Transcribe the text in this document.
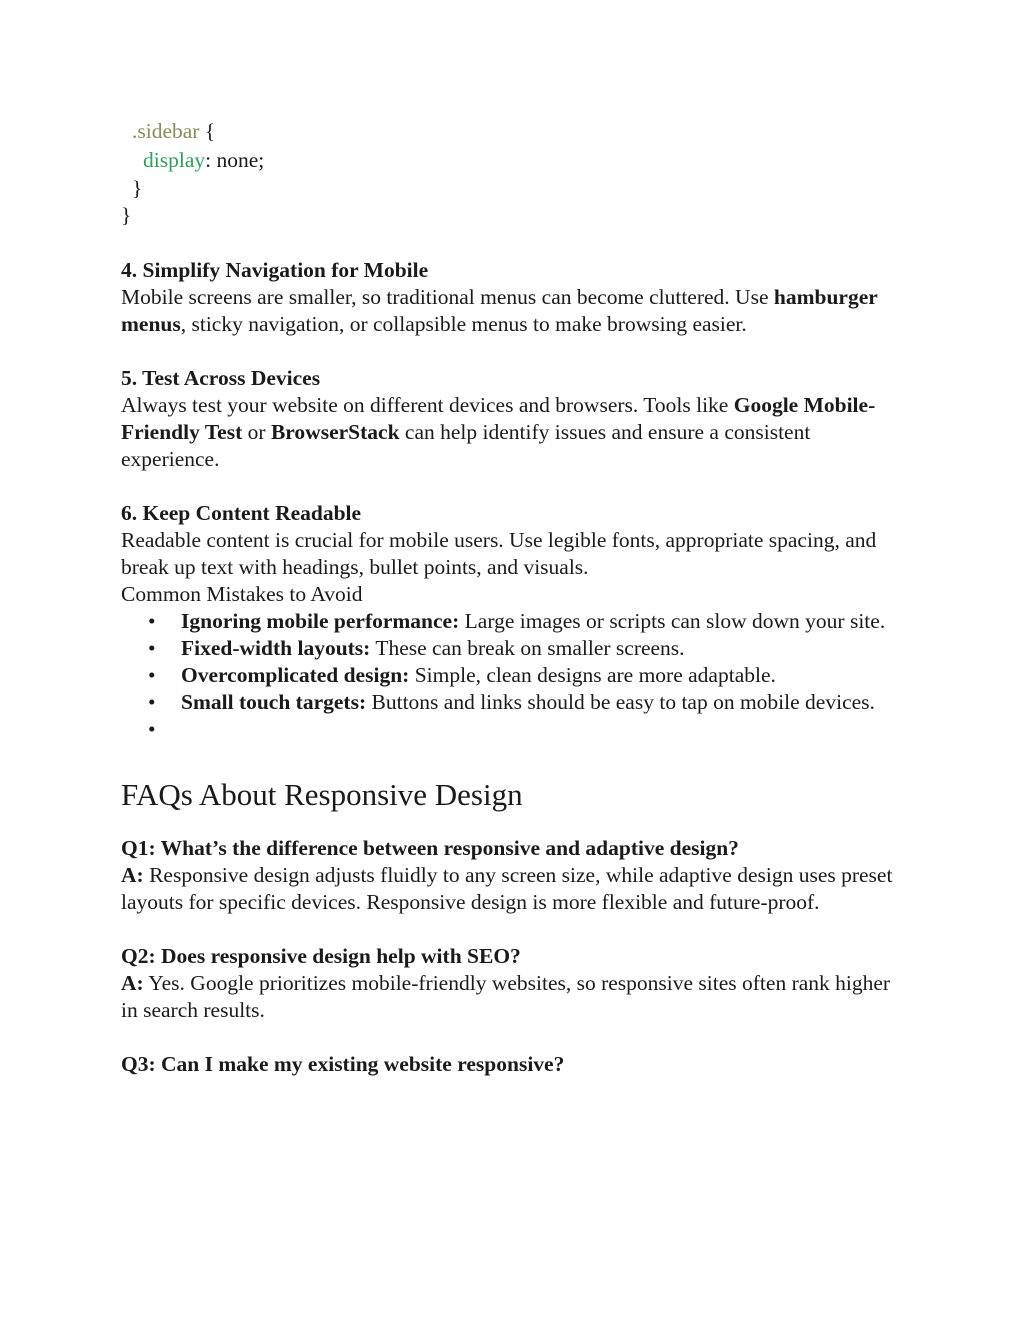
.sidebar {
display: none;
}
}
4. Simplify Navigation for Mobile

Mobile screens are smaller, so traditional menus can become cluttered. Use hamburger menus, sticky navigation, or collapsible menus to make browsing easier.

5. Test Across Devices

Always test your website on different devices and browsers. Tools like Google Mobile-Friendly Test or BrowserStack can help identify issues and ensure a consistent experience.

6. Keep Content Readable

Readable content is crucial for mobile users. Use legible fonts, appropriate spacing, and break up text with headings, bullet points, and visuals.

Common Mistakes to Avoid
• Ignoring mobile performance: Large images or scripts can slow down your site.
• Fixed-width layouts: These can break on smaller screens.
• Overcomplicated design: Simple, clean designs are more adaptable.
• Small touch targets: Buttons and links should be easy to tap on mobile devices.
•
FAQs About Responsive Design
Q1: What’s the difference between responsive and adaptive design?

A: Responsive design adjusts fluidly to any screen size, while adaptive design uses preset layouts for specific devices. Responsive design is more flexible and future-proof.

Q2: Does responsive design help with SEO?

A: Yes. Google prioritizes mobile-friendly websites, so responsive sites often rank higher in search results.

Q3: Can I make my existing website responsive?
